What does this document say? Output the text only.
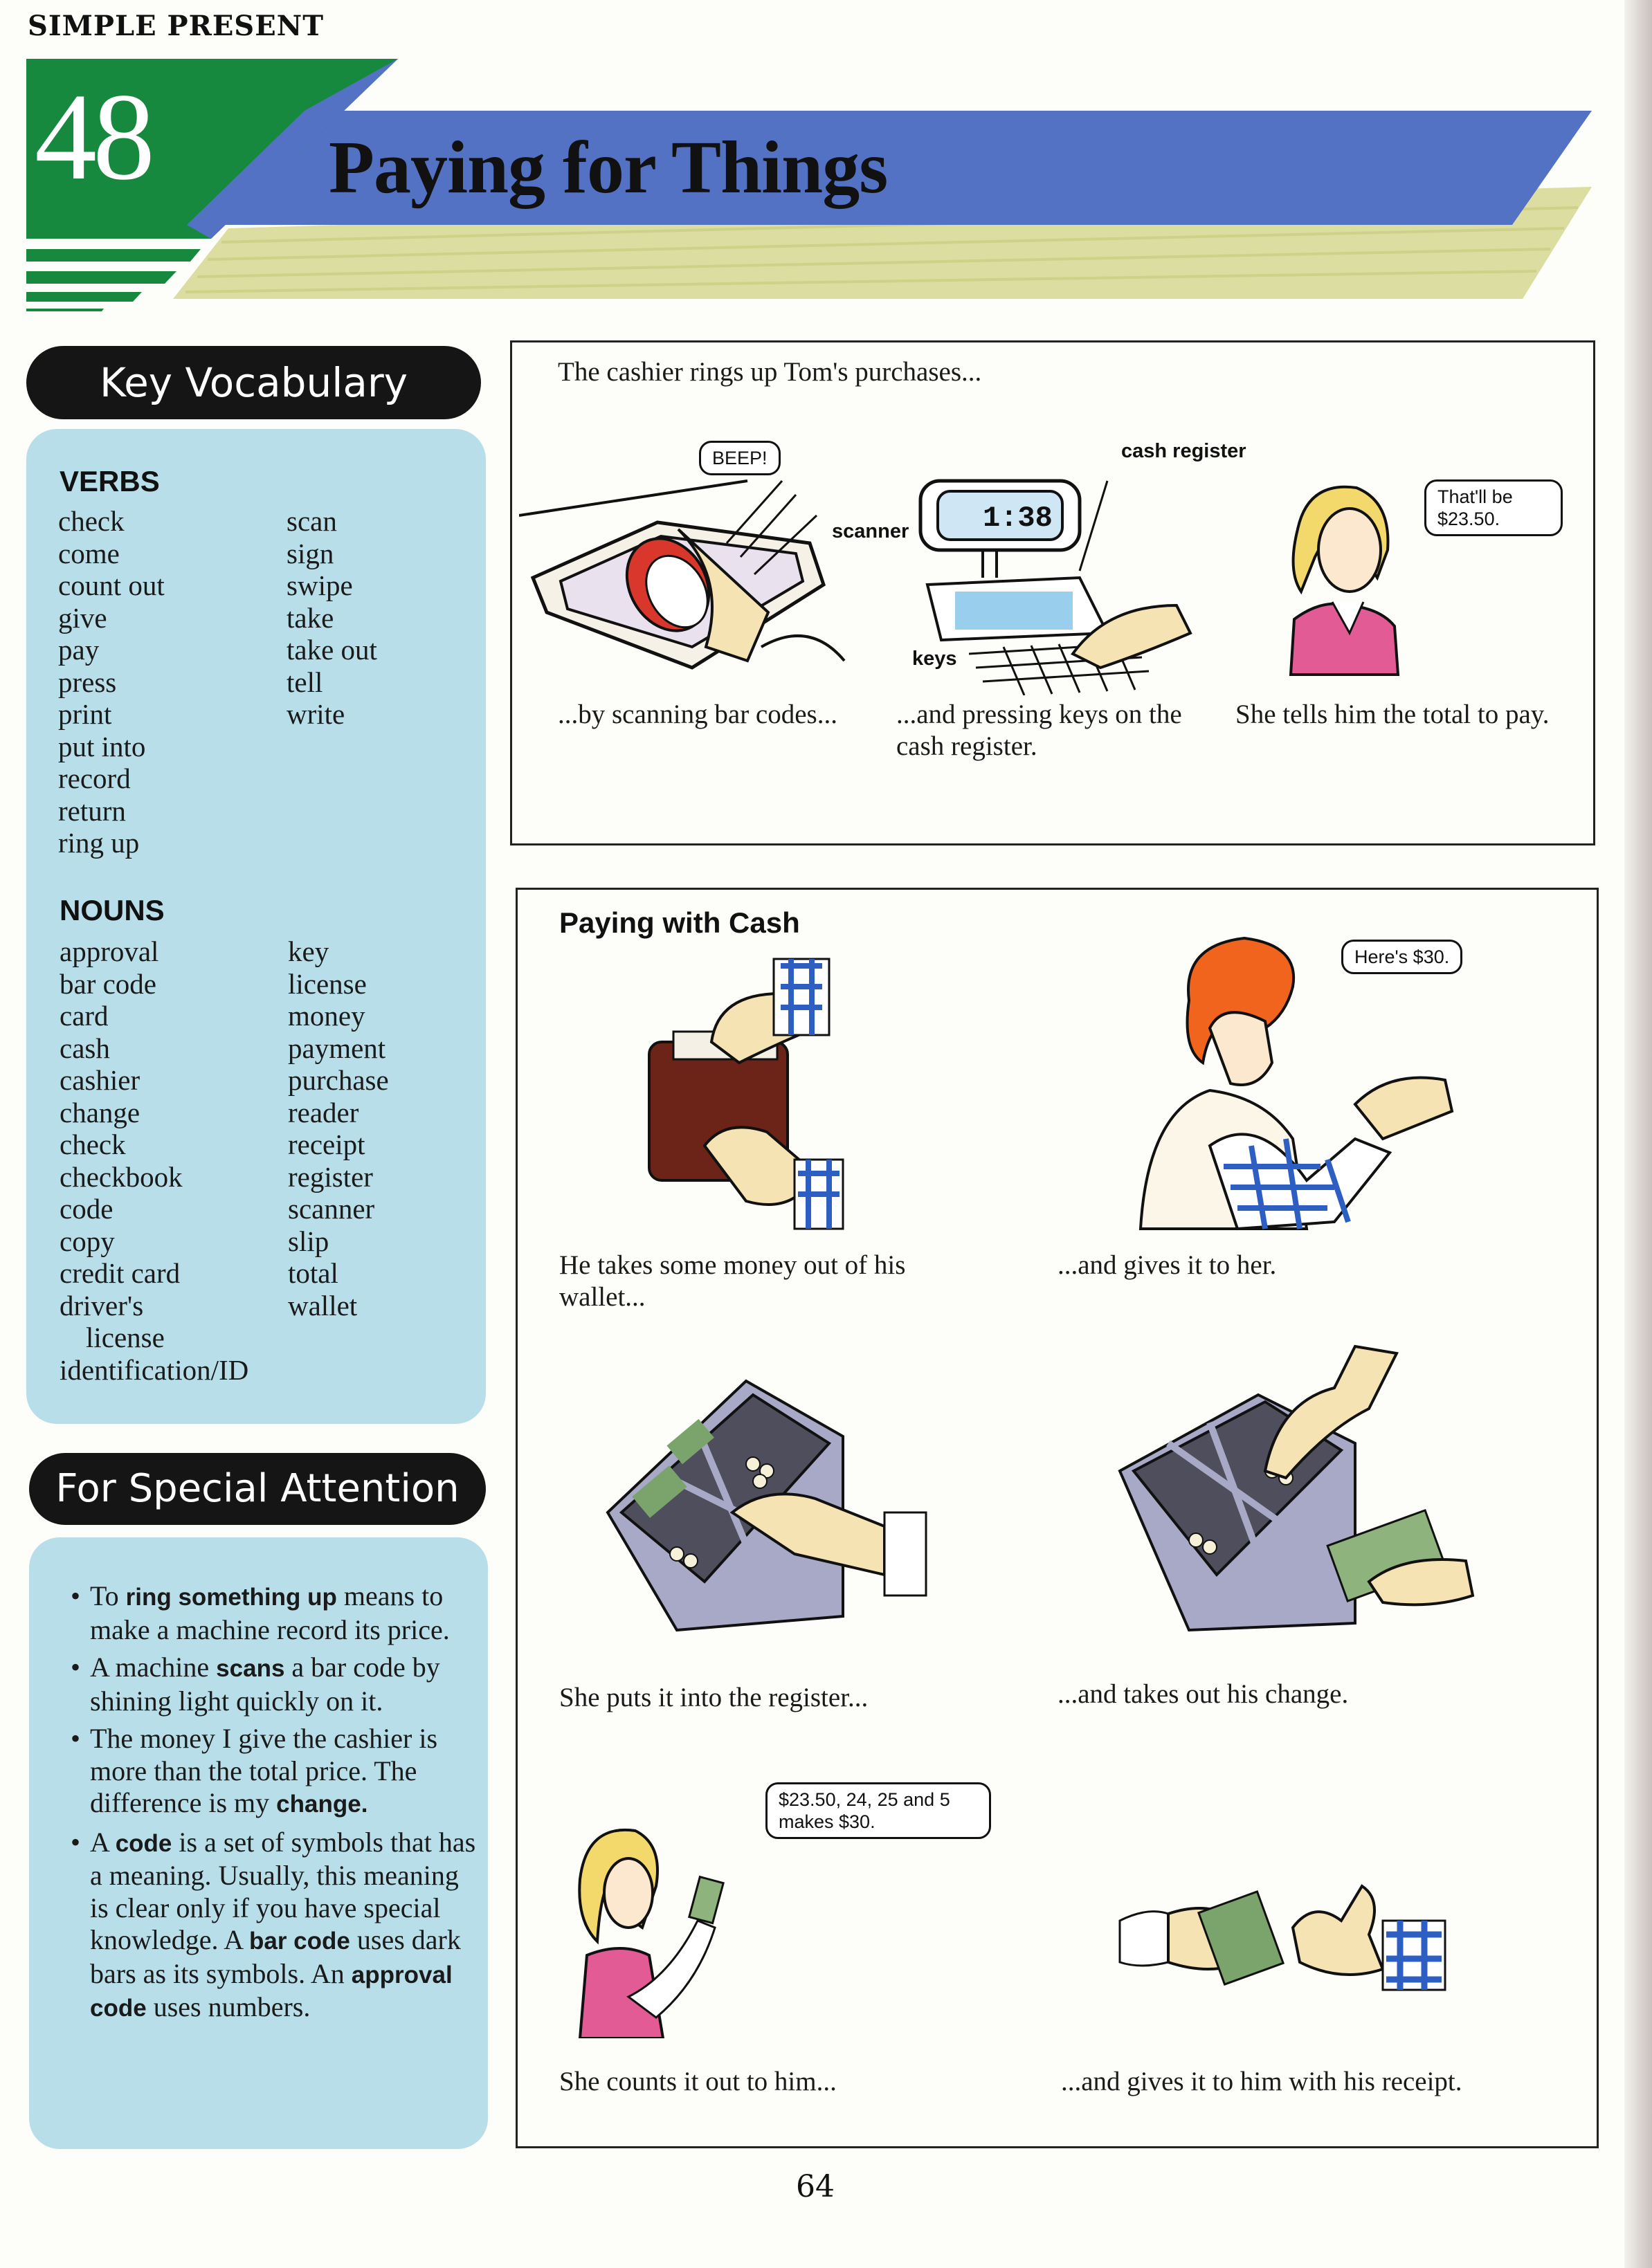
SIMPLE PRESENT
48 Paying for Things
Key Vocabulary
VERBS
check
come
count out
give
pay
press
print
put into
record
return
ring up
scan
sign
swipe
take
take out
tell
write
NOUNS
approval
bar code
card
cash
cashier
change
check
checkbook
code
copy
credit card
driver's
license
identification/ID
key
license
money
payment
purchase
reader
receipt
register
scanner
slip
total
wallet
For Special Attention
• To ring something up means to make a machine record its price.
• A machine scans a bar code by shining light quickly on it.
• The money I give the cashier is more than the total price. The difference is my change.
• A code is a set of symbols that has a meaning. Usually, this meaning is clear only if you have special knowledge. A bar code uses dark bars as its symbols. An approval code uses numbers.
The cashier rings up Tom's purchases...
BEEP!
scanner	1:38
cash register
keys
That'll be $23.50.
...by scanning bar codes...	...and pressing keys on the cash register.
She tells him the total to pay.
Paying with Cash
Here's $30.
He takes some money out of his wallet...
...and gives it to her.
She puts it into the register...	...and takes out his change.
$23.50, 24, 25 and 5 makes $30.
She counts it out to him...	...and gives it to him with his receipt.
64
